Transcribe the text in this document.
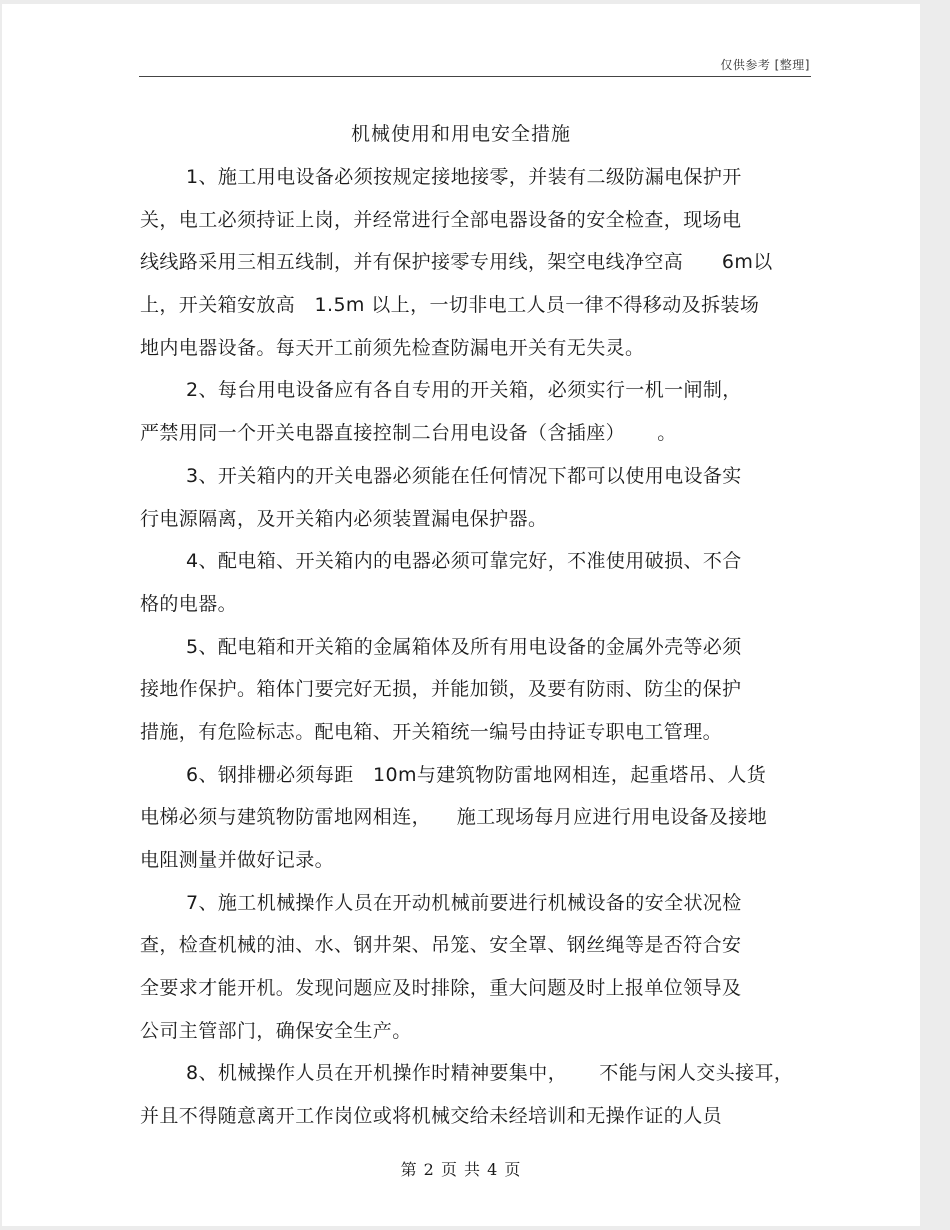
仅供参考 [整理]
机械使用和用电安全措施
1、施工用电设备必须按规定接地接零，并装有二级防漏电保护开
关，电工必须持证上岗，并经常进行全部电器设备的安全检查，现场电
线线路采用三相五线制，并有保护接零专用线，架空电线净空高      6m以
上，开关箱安放高   1.5m 以上，一切非电工人员一律不得移动及拆装场
地内电器设备。每天开工前须先检查防漏电开关有无失灵。
2、每台用电设备应有各自专用的开关箱，必须实行一机一闸制，
严禁用同一个开关电器直接控制二台用电设备（含插座）     。
3、开关箱内的开关电器必须能在任何情况下都可以使用电设备实
行电源隔离，及开关箱内必须装置漏电保护器。
4、配电箱、开关箱内的电器必须可靠完好，不准使用破损、不合
格的电器。
5、配电箱和开关箱的金属箱体及所有用电设备的金属外壳等必须
接地作保护。箱体门要完好无损，并能加锁，及要有防雨、防尘的保护
措施，有危险标志。配电箱、开关箱统一编号由持证专职电工管理。
6、钢排栅必须每距   10m与建筑物防雷地网相连，起重塔吊、人货
电梯必须与建筑物防雷地网相连，    施工现场每月应进行用电设备及接地
电阻测量并做好记录。
7、施工机械操作人员在开动机械前要进行机械设备的安全状况检
查，检查机械的油、水、钢井架、吊笼、安全罩、钢丝绳等是否符合安
全要求才能开机。发现问题应及时排除，重大问题及时上报单位领导及
公司主管部门，确保安全生产。
8、机械操作人员在开机操作时精神要集中，     不能与闲人交头接耳，
并且不得随意离开工作岗位或将机械交给未经培训和无操作证的人员
第 2 页 共 4 页
